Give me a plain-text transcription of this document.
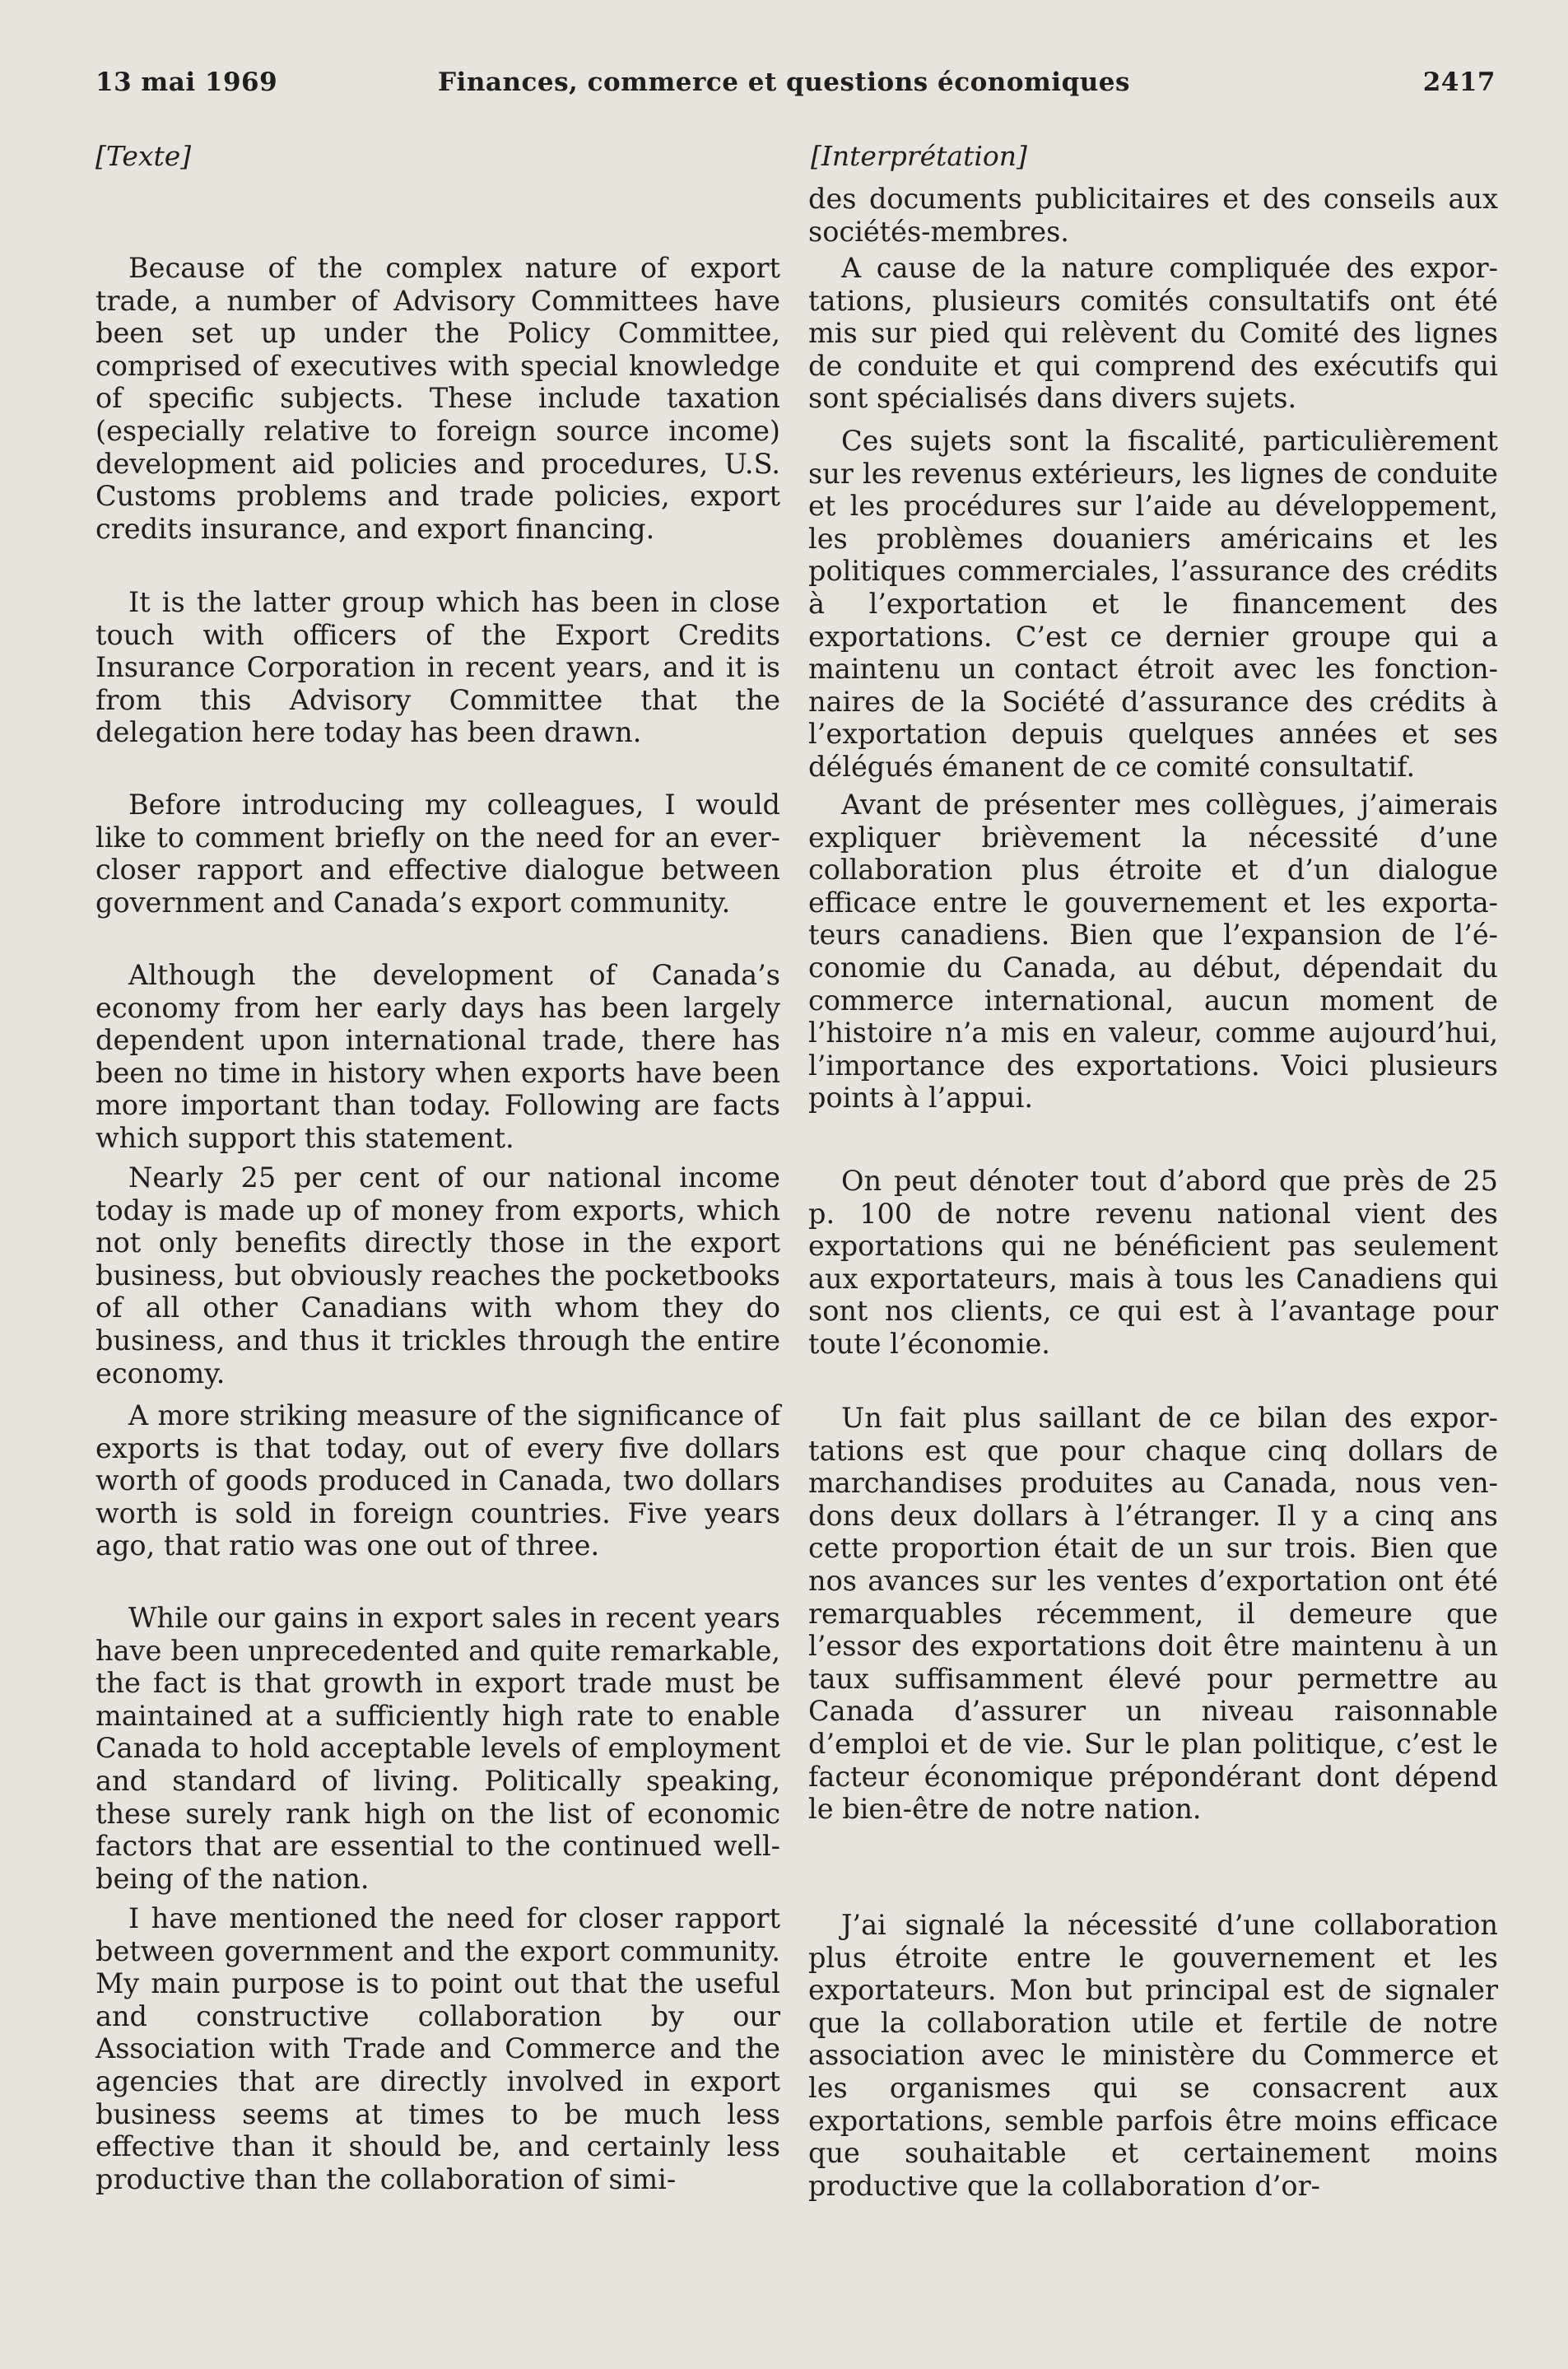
Finances, commerce et questions économiques
13 mai 1969	2417
[Texte]	[Interprétation]

Because of the complex nature of export trade, a number of Advisory Committees have been set up under the Policy Committee, comprised of executives with special knowledge of specific subjects. These include taxation (especially relative to foreign source income) development aid policies and procedures, U.S. Customs problems and trade policies, export credits insurance, and export financing.

It is the latter group which has been in close touch with officers of the Export Credits Insurance Corporation in recent years, and it is from this Advisory Committee that the delegation here today has been drawn.

Before introducing my colleagues, I would like to comment briefly on the need for an ever-closer rapport and effective dialogue between government and Canada’s export community.

Although the development of Canada’s economy from her early days has been largely dependent upon international trade, there has been no time in history when exports have been more important than today. Following are facts which support this statement.

Nearly 25 per cent of our national income today is made up of money from exports, which not only benefits directly those in the export business, but obviously reaches the pocketbooks of all other Canadians with whom they do business, and thus it trickles through the entire economy.

A more striking measure of the significance of exports is that today, out of every five dollars worth of goods produced in Canada, two dollars worth is sold in foreign countries. Five years ago, that ratio was one out of three.

While our gains in export sales in recent years have been unprecedented and quite remarkable, the fact is that growth in export trade must be maintained at a sufficiently high rate to enable Canada to hold acceptable levels of employment and standard of living. Politically speaking, these surely rank high on the list of economic factors that are essential to the continued well-being of the nation.

I have mentioned the need for closer rapport between government and the export community. My main purpose is to point out that the useful and constructive collaboration by our Association with Trade and Commerce and the agencies that are directly involved in export business seems at times to be much less effective than it should be, and certainly less productive than the collaboration of simi-

des documents publicitaires et des conseils aux sociétés-membres.

A cause de la nature compliquée des exportations, plusieurs comités consultatifs ont été mis sur pied qui relèvent du Comité des lignes de conduite et qui comprend des exécutifs qui sont spécialisés dans divers sujets.

Ces sujets sont la fiscalité, particulièrement sur les revenus extérieurs, les lignes de conduite et les procédures sur l’aide au développement, les problèmes douaniers américains et les politiques commerciales, l’assurance des crédits à l’exportation et le financement des exportations. C’est ce dernier groupe qui a maintenu un contact étroit avec les fonctionnaires de la Société d’assurance des crédits à l’exportation depuis quelques années et ses délégués émanent de ce comité consultatif.

Avant de présenter mes collègues, j’aimerais expliquer brièvement la nécessité d’une collaboration plus étroite et d’un dialogue efficace entre le gouvernement et les exportateurs canadiens. Bien que l’expansion de l’économie du Canada, au début, dépendait du commerce international, aucun moment de l’histoire n’a mis en valeur, comme aujourd’hui, l’importance des exportations. Voici plusieurs points à l’appui.

On peut dénoter tout d’abord que près de 25 p. 100 de notre revenu national vient des exportations qui ne bénéficient pas seulement aux exportateurs, mais à tous les Canadiens qui sont nos clients, ce qui est à l’avantage pour toute l’économie.

Un fait plus saillant de ce bilan des exportations est que pour chaque cinq dollars de marchandises produites au Canada, nous vendons deux dollars à l’étranger. Il y a cinq ans cette proportion était de un sur trois. Bien que nos avances sur les ventes d’exportation ont été remarquables récemment, il demeure que l’essor des exportations doit être maintenu à un taux suffisamment élevé pour permettre au Canada d’assurer un niveau raisonnable d’emploi et de vie. Sur le plan politique, c’est le facteur économique prépondérant dont dépend le bien-être de notre nation.

J’ai signalé la nécessité d’une collaboration plus étroite entre le gouvernement et les exportateurs. Mon but principal est de signaler que la collaboration utile et fertile de notre association avec le ministère du Commerce et les organismes qui se consacrent aux exportations, semble parfois être moins efficace que souhaitable et certainement moins productive que la collaboration d’or-
